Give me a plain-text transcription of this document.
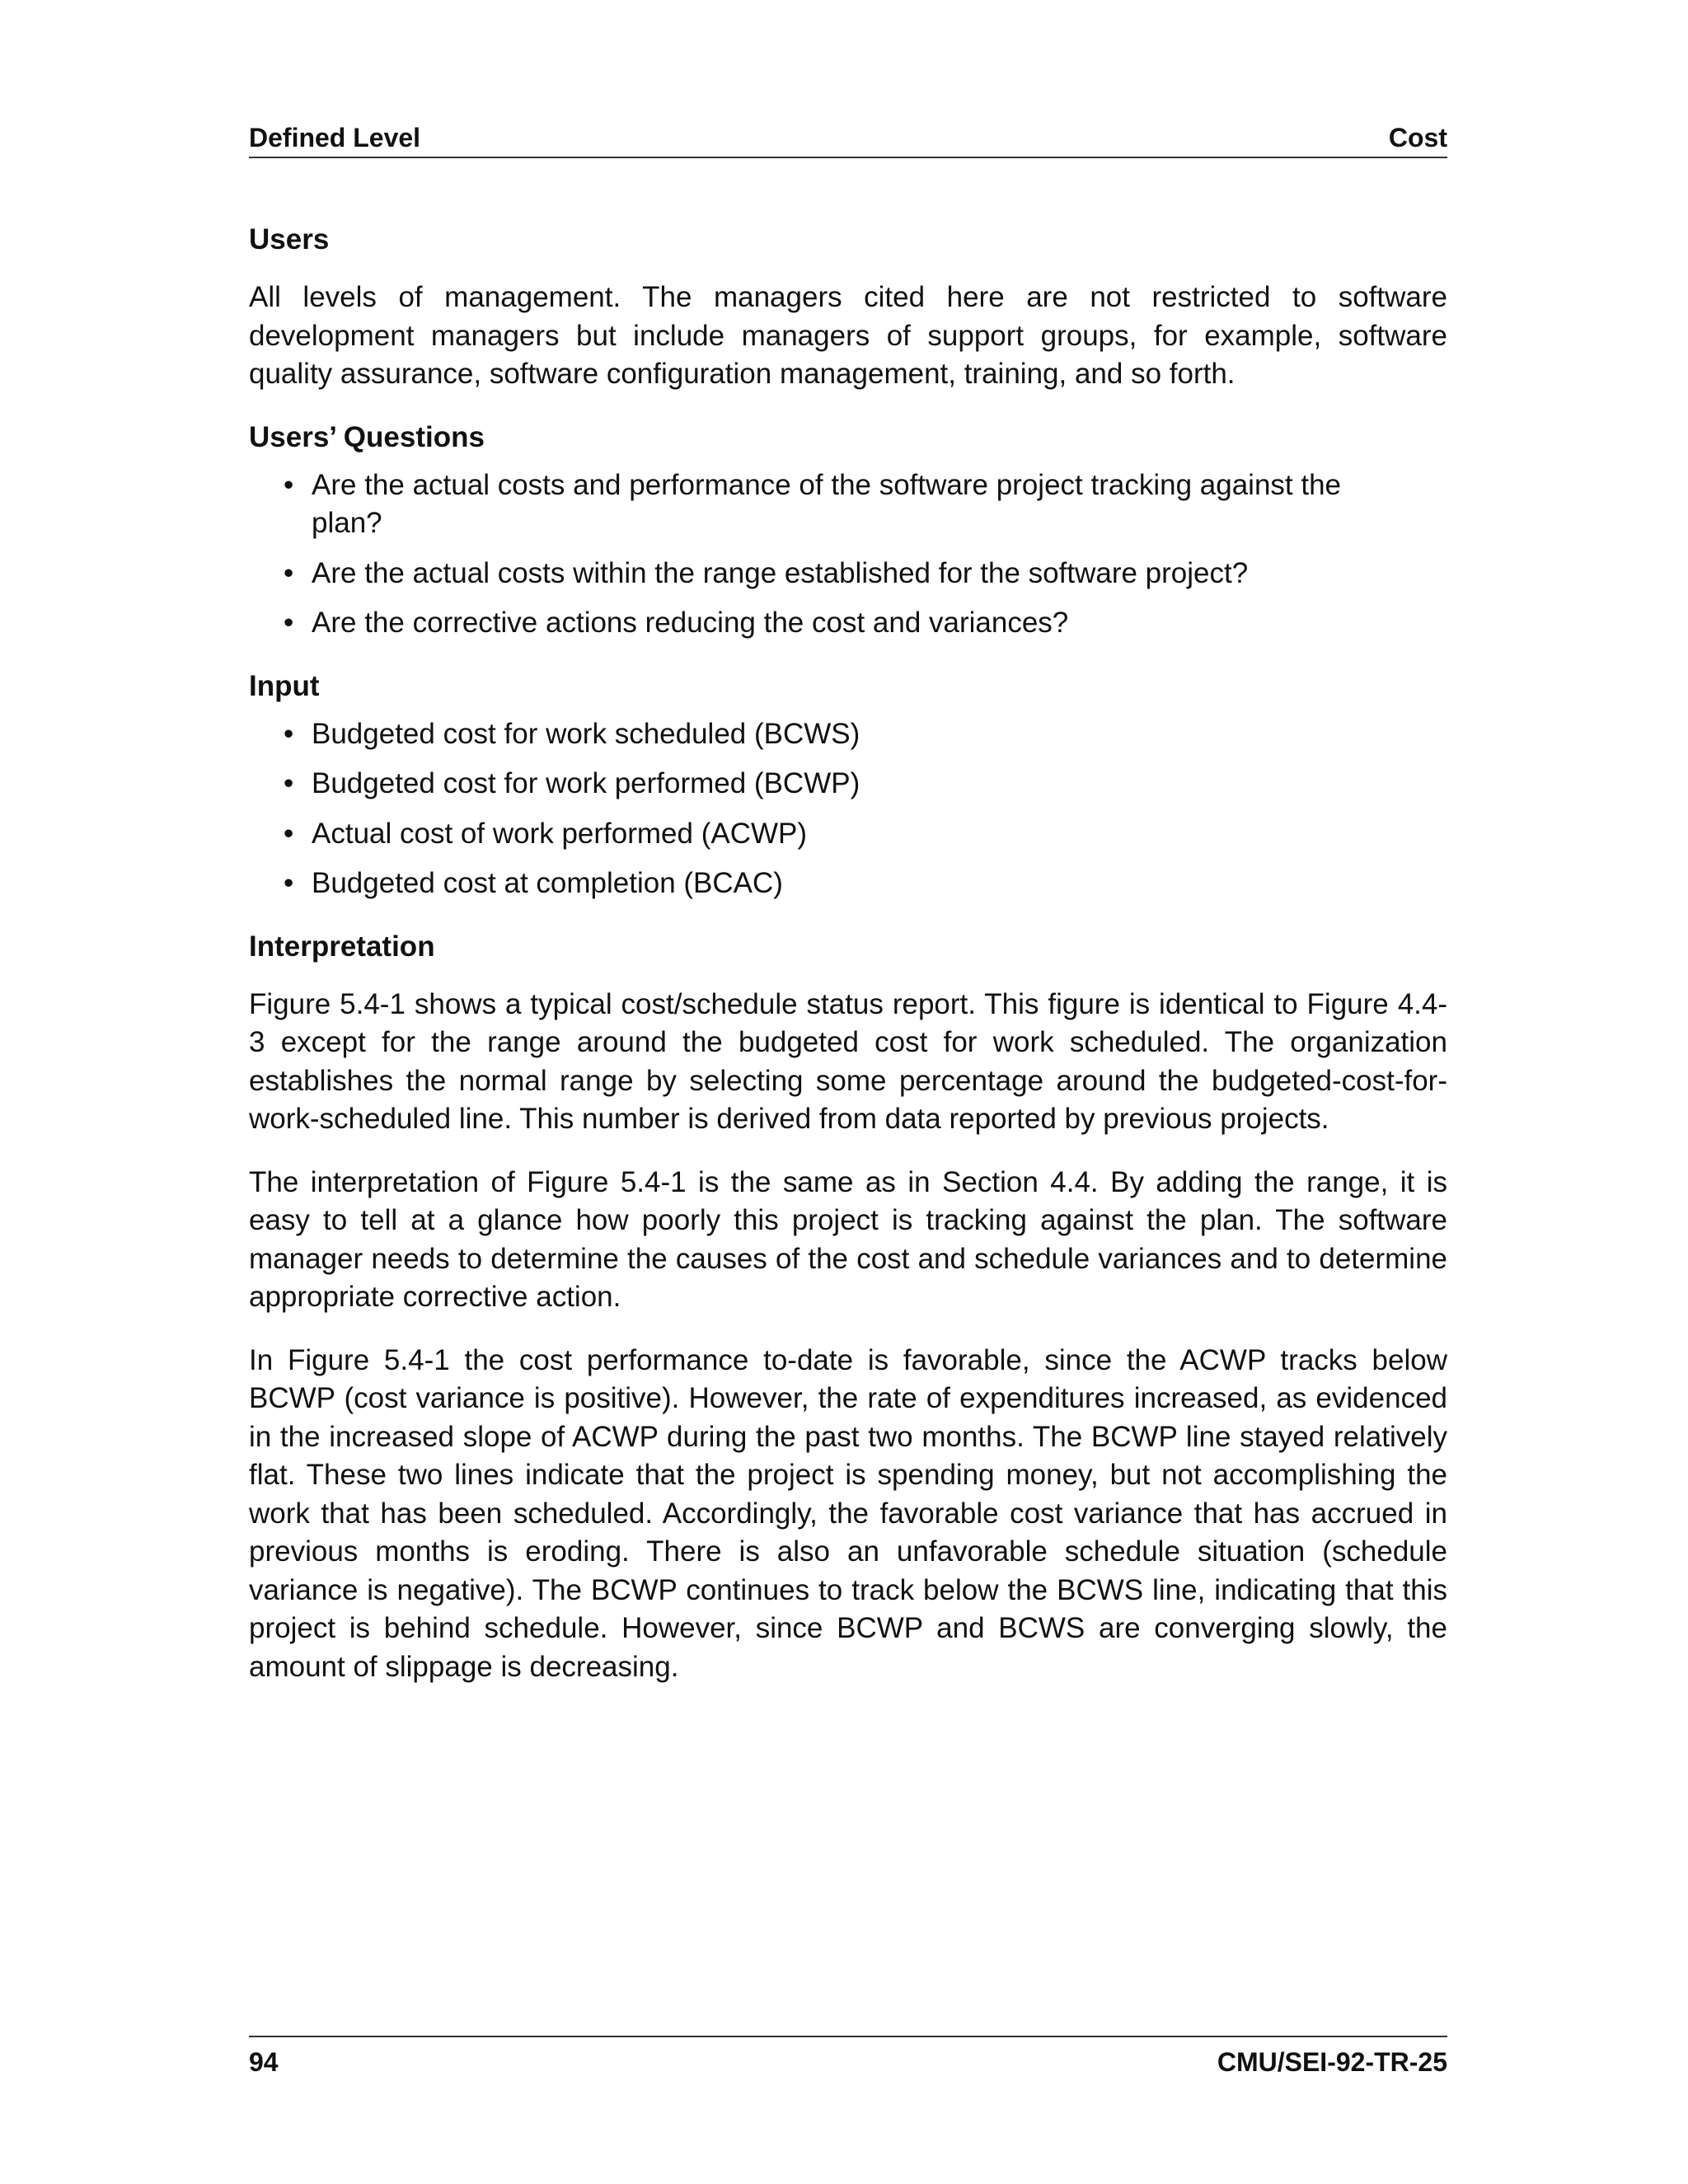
Defined Level	Cost
Users

All levels of management. The managers cited here are not restricted to software development managers but include managers of support groups, for example, software quality assurance, software configuration management, training, and so forth.

Users’ Questions
• Are the actual costs and performance of the software project tracking against the plan?
• Are the actual costs within the range established for the software project?
• Are the corrective actions reducing the cost and variances?
Input
• Budgeted cost for work scheduled (BCWS)
• Budgeted cost for work performed (BCWP)
• Actual cost of work performed (ACWP)
• Budgeted cost at completion (BCAC)
Interpretation

Figure 5.4-1 shows a typical cost/schedule status report. This figure is identical to Figure 4.4-3 except for the range around the budgeted cost for work scheduled. The organization establishes the normal range by selecting some percentage around the budgeted-cost-for-work-scheduled line. This number is derived from data reported by previous projects.

The interpretation of Figure 5.4-1 is the same as in Section 4.4. By adding the range, it is easy to tell at a glance how poorly this project is tracking against the plan. The software manager needs to determine the causes of the cost and schedule variances and to determine appropriate corrective action.

In Figure 5.4-1 the cost performance to-date is favorable, since the ACWP tracks below BCWP (cost variance is positive). However, the rate of expenditures increased, as evidenced in the increased slope of ACWP during the past two months. The BCWP line stayed relatively flat. These two lines indicate that the project is spending money, but not accomplishing the work that has been scheduled. Accordingly, the favorable cost variance that has accrued in previous months is eroding. There is also an unfavorable schedule situation (schedule variance is negative). The BCWP continues to track below the BCWS line, indicating that this project is behind schedule. However, since BCWP and BCWS are converging slowly, the amount of slippage is decreasing.

94	CMU/SEI-92-TR-25
